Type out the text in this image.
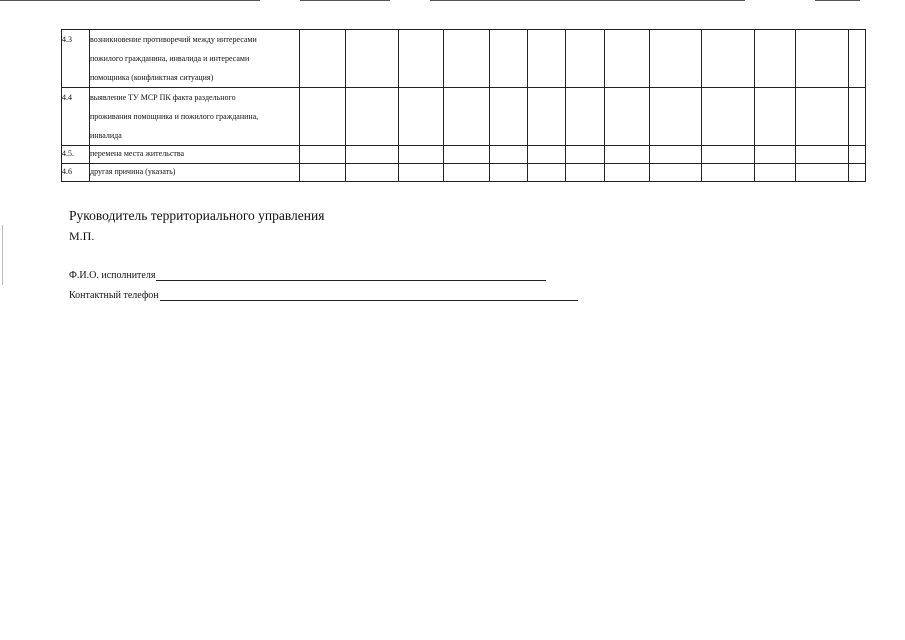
4.3	возникновение противоречий между интересами
пожилого гражданина, инвалида и интересами
помощника (конфликтная ситуация)													

4.4	выявление ТУ МСР ПК факта раздельного
проживания помощника и пожилого гражданина,
инвалида													

4.5.	перемена места жительства													

4.6	другая причина (указать)													

Руководитель территориального управления
М.П.
Ф.И.О. исполнителя
Контактный телефон
